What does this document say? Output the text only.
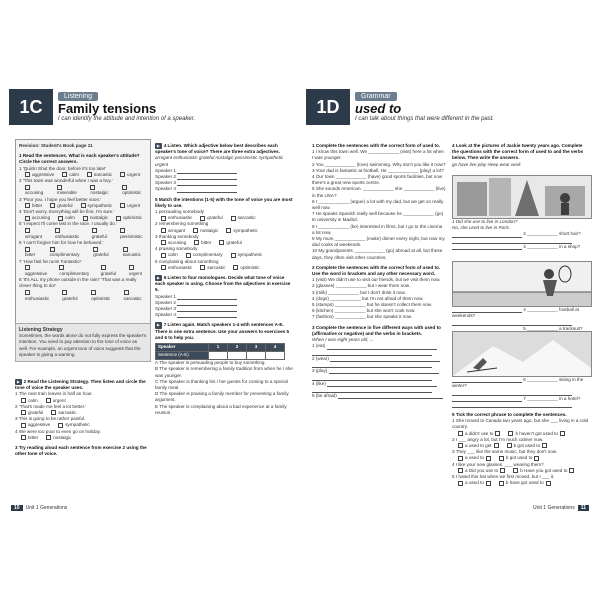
1C	Listening
Family tensions
I can identify the attitude and intention of a speaker.
Revision: Student's Book page 11
1 Read the sentences. What is each speaker's attitude? Circle the correct answers.
1 'Quick! Shut the door, before it's too late!'
aggressive	calm	sarcastic	urgent
2 'This town was wonderful when I was a boy.'
accusing	miserable	nostalgic	optimistic
3 'Poor you. I hope you feel better soon.'
bitter	grateful	sympathetic	urgent
4 'Don't worry. Everything will be fine, I'm sure.'
accusing	calm	nostalgic	optimistic
5 'I expect I'll come last in the race. I usually do.'
arrogant	enthusiastic	grateful	pessimistic
6 'I can't forgive him for how he behaved.'
bitter	complimentary	grateful	sarcastic
7 'How fast he runs! Fantastic!'
aggressive	complimentary	grateful	urgent
8 'It's ALL my phone outside in the rain!' 'That was a really clever thing to do!'
enthusiastic	grateful	optimistic	sarcastic
Listening Strategy
Sometimes, the words alone do not fully express the speaker's intention. You need to pay attention to the tone of voice as well. For example, an urgent tone of voice suggests that the speaker is giving a warning.
▶ 2 Read the Listening Strategy. Then listen and circle the tone of voice the speaker uses.
1 The next train leaves in half an hour.
calm	urgent
2 'That's made me feel a lot better.'
grateful	sarcastic
3 This is going to be rather painful.
aggressive	sympathetic
4 We were too poor to even go on holiday.
bitter	nostalgic
3 Try reading aloud each sentence from exercise 2 using the other tone of voice.
▶ 4 Listen. Which adjective below best describes each speaker's tone of voice? There are three extra adjectives.
arrogant enthusiastic grateful nostalgic pessimistic sympathetic urgent
Speaker 1
Speaker 2
Speaker 3
Speaker 4
5 Match the intentions (1-5) with the tone of voice you are most likely to use.
1 persuading somebody
enthusiastic	grateful	sarcastic
2 remembering something
arrogant	nostalgic	sympathetic
3 thanking somebody
accusing	bitter	grateful
4 praising somebody
calm	complimentary	sympathetic
5 complaining about something
enthusiastic	sarcastic	optimistic
▶ 6 Listen to four monologues. Decide what tone of voice each speaker is using. Choose from the adjectives in exercise 5.
Speaker 1
Speaker 2
Speaker 3
Speaker 4
▶ 7 Listen again. Match speakers 1-4 with sentences A-E. There is one extra sentence. Use your answers to exercises 5 and 6 to help you.
Speaker	1	2	3	4
Sentence (A-E)				
A The speaker is persuading people to buy something.
B The speaker is remembering a family tradition from when he / she was younger.
C The speaker is thanking his / her guests for coming to a special family meal.
D The speaker is praising a family member for preventing a family argument.
E The speaker is complaining about a bad experience at a family reunion.
10	Unit 1 Generations
1D	Grammar
used to
I can talk about things that were different in the past.
1 Complete the sentences with the correct form of used to.
1 I know this town well. We ____________ (visit) here a lot when I was younger.
2 You ____________ (love) swimming. Why don't you like it now?
3 Your dad is fantastic at football. He ____________ (play) a lot?
4 Our town ____________ (have) good sports facilities, but now there's a great new sports centre.
5 She sounds American. ____________ she ____________ (live) in the USA?
6 I ____________ (argue) a lot with my dad, but we get on really well now.
7 He speaks Spanish really well because he ____________ (go) to university in Madrid.
8 I ____________ (be) interested in films, but I go to the cinema a lot now.
9 My mum ____________ (make) dinner every night, but now my dad cooks at weekends.
10 My grandparents ____________ (go) abroad at all, but these days, they often visit other countries.
2 Complete the sentences with the correct form of used to. Use the word in brackets and any other necessary word.
1 (visit) We didn't use to visit our friends, but we visit them now.
2 (glasses) ____________ but I wear them now.
3 (milk) ____________ but I don't drink it now.
4 (dogs) ____________ but I'm not afraid of them now.
5 (stamps) ____________ but he doesn't collect them now.
6 (kitchen) ____________ but she won't cook now.
7 (fashion) ____________ but she speaks it now.
3 Complete the sentence in five different ways with used to (affirmative or negative) and the verbs in brackets.
When I was eight years old, ...
1 (eat)
2 (wear)
3 (play)
4 (like)
5 (be afraid)
4 Look at the pictures of Jackie twenty years ago. Complete the questions with the correct form of used to and the verbs below. Then write the answers.
go have live play sleep wear work
1 Did she use to live in London?
No, she used to live in Paris.
2 ____________ short hair?
3 ____________ in a shop?
4 ____________ football at weekends?
5 ____________ a tracksuit?
6 ____________ skiing in the winter?
7 ____________ in a hotel?
5 Tick the correct phrase to complete the sentences.
1 She moved to Canada two years ago, but she ___ living in a cold country.
a didn't use to	b haven't got used to
2 I ___ angry a lot, but I'm much calmer now.
a used to get	b got used to
3 They ___ like the same music, but they don't now.
a used to	b got used to
4 I like your new glasses. ___ wearing them?
a Did you use to	b Have you got used to
5 I hated this hat when we first moved, but I ___ it.
a used to	b have got used to
Unit 1 Generations	11
